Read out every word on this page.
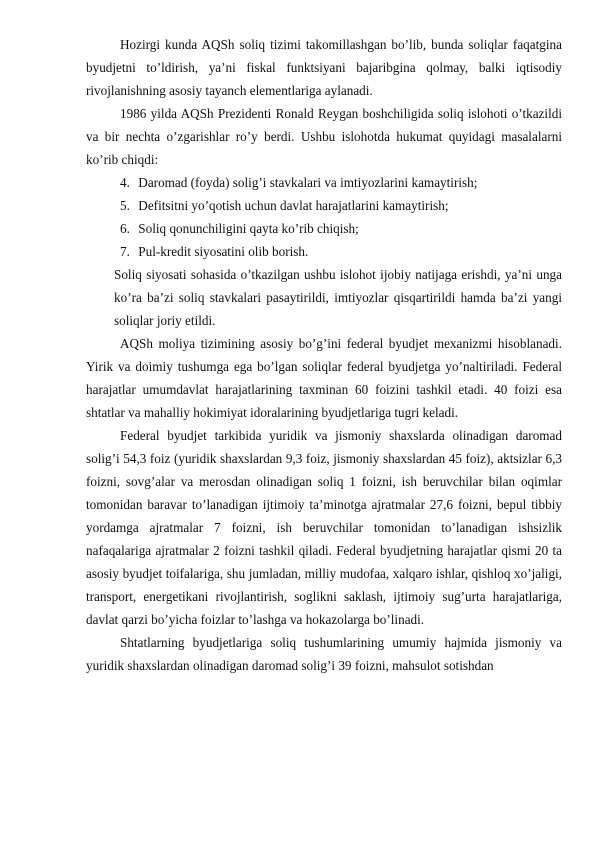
Hozirgi kunda AQSh soliq tizimi takomillashgan bo’lib, bunda soliqlar faqatgina byudjetni to’ldirish, ya’ni fiskal funktsiyani bajaribgina qolmay, balki iqtisodiy rivojlanishning asosiy tayanch elementlariga aylanadi.

1986 yilda AQSh Prezidenti Ronald Reygan boshchiligida soliq islohoti o’tkazildi va bir nechta o’zgarishlar ro’y berdi. Ushbu islohotda hukumat quyidagi masalalarni ko’rib chiqdi:

4. Daromad (foyda) solig’i stavkalari va imtiyozlarini kamaytirish;
5. Defitsitni yo’qotish uchun davlat harajatlarini kamaytirish;
6. Soliq qonunchiligini qayta ko’rib chiqish;
7. Pul-kredit siyosatini olib borish.
Soliq siyosati sohasida o’tkazilgan ushbu islohot ijobiy natijaga erishdi, ya’ni unga ko’ra ba’zi soliq stavkalari pasaytirildi, imtiyozlar qisqartirildi hamda ba’zi yangi soliqlar joriy etildi.

AQSh moliya tizimining asosiy bo’g’ini federal byudjet mexanizmi hisoblanadi. Yirik va doimiy tushumga ega bo’lgan soliqlar federal byudjetga yo’naltiriladi. Federal harajatlar umumdavlat harajatlarining taxminan 60 foizini tashkil etadi. 40 foizi esa shtatlar va mahalliy hokimiyat idoralarining byudjetlariga tugri keladi.

Federal byudjet tarkibida yuridik va jismoniy shaxslarda olinadigan daromad solig’i 54,3 foiz (yuridik shaxslardan 9,3 foiz, jismoniy shaxslardan 45 foiz), aktsizlar 6,3 foizni, sovg’alar va merosdan olinadigan soliq 1 foizni, ish beruvchilar bilan oqimlar tomonidan baravar to’lanadigan ijtimoiy ta’minotga ajratmalar 27,6 foizni, bepul tibbiy yordamga ajratmalar 7 foizni, ish beruvchilar tomonidan to’lanadigan ishsizlik nafaqalariga ajratmalar 2 foizni tashkil qiladi. Federal byudjetning harajatlar qismi 20 ta asosiy byudjet toifalariga, shu jumladan, milliy mudofaa, xalqaro ishlar, qishloq xo’jaligi, transport, energetikani rivojlantirish, soglikni saklash, ijtimoiy sug’urta harajatlariga, davlat qarzi bo’yicha foizlar to’lashga va hokazolarga bo’linadi.

Shtatlarning byudjetlariga soliq tushumlarining umumiy hajmida jismoniy va yuridik shaxslardan olinadigan daromad solig’i 39 foizni, mahsulot sotishdan
